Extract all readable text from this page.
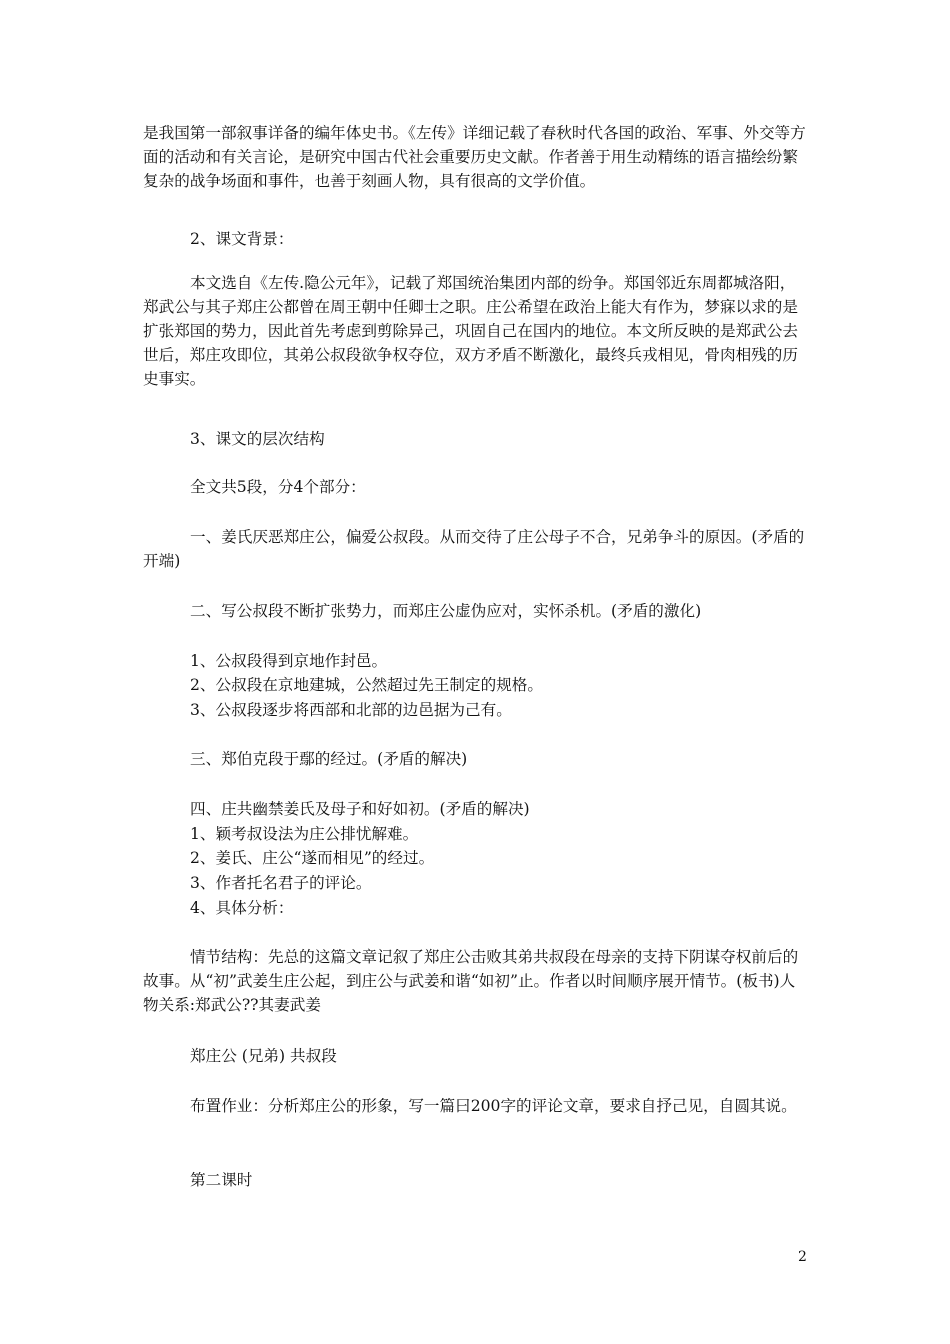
是我国第一部叙事详备的编年体史书。《左传》详细记载了春秋时代各国的政治、军事、外交等方面的活动和有关言论，是研究中国古代社会重要历史文献。作者善于用生动精练的语言描绘纷繁复杂的战争场面和事件，也善于刻画人物，具有很高的文学价值。

2、课文背景：

本文选自《左传.隐公元年》，记载了郑国统治集团内部的纷争。郑国邻近东周都城洛阳，郑武公与其子郑庄公都曾在周王朝中任卿士之职。庄公希望在政治上能大有作为，梦寐以求的是扩张郑国的势力，因此首先考虑到剪除异己，巩固自己在国内的地位。本文所反映的是郑武公去世后，郑庄攻即位，其弟公叔段欲争权夺位，双方矛盾不断激化，最终兵戎相见，骨肉相残的历史事实。

3、课文的层次结构

全文共5段，分4个部分：

一、姜氏厌恶郑庄公，偏爱公叔段。从而交待了庄公母子不合，兄弟争斗的原因。(矛盾的开端)

二、写公叔段不断扩张势力，而郑庄公虚伪应对，实怀杀机。(矛盾的激化)

1、公叔段得到京地作封邑。

2、公叔段在京地建城，公然超过先王制定的规格。

3、公叔段逐步将西部和北部的边邑据为己有。

三、郑伯克段于鄢的经过。(矛盾的解决)

四、庄共幽禁姜氏及母子和好如初。(矛盾的解决)

1、颖考叔设法为庄公排忧解难。

2、姜氏、庄公“遂而相见”的经过。

3、作者托名君子的评论。

4、具体分析：

情节结构：先总的这篇文章记叙了郑庄公击败其弟共叔段在母亲的支持下阴谋夺权前后的故事。从“初”武姜生庄公起，到庄公与武姜和谐“如初”止。作者以时间顺序展开情节。(板书)人物关系:郑武公??其妻武姜

郑庄公 (兄弟) 共叔段

布置作业：分析郑庄公的形象，写一篇曰200字的评论文章，要求自抒己见，自圆其说。

第二课时

2
